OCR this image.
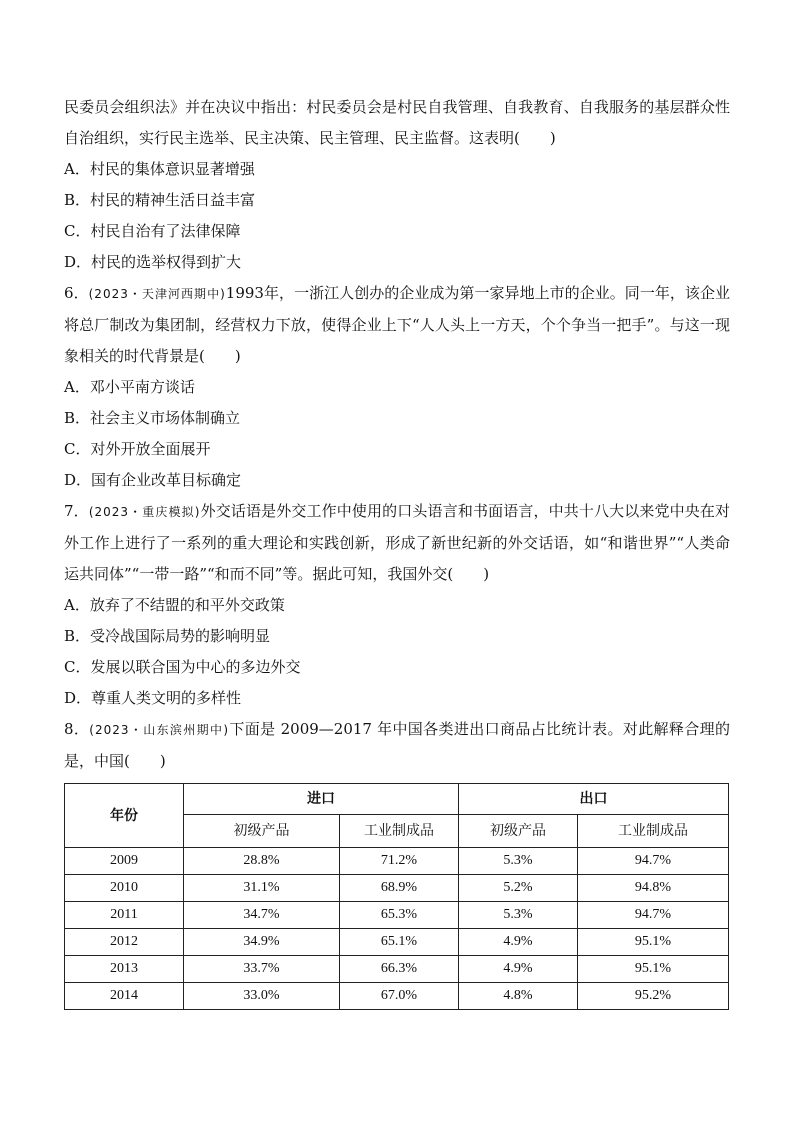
民委员会组织法》并在决议中指出：村民委员会是村民自我管理、自我教育、自我服务的基层群众性自治组织，实行民主选举、民主决策、民主管理、民主监督。这表明(　　)

A．村民的集体意识显著增强

B．村民的精神生活日益丰富

C．村民自治有了法律保障

D．村民的选举权得到扩大

6．(2023・天津河西期中)1993年，一浙江人创办的企业成为第一家异地上市的企业。同一年，该企业将总厂制改为集团制，经营权力下放，使得企业上下“人人头上一方天，个个争当一把手”。与这一现象相关的时代背景是(　　)

A．邓小平南方谈话

B．社会主义市场体制确立

C．对外开放全面展开

D．国有企业改革目标确定

7．(2023・重庆模拟)外交话语是外交工作中使用的口头语言和书面语言，中共十八大以来党中央在对外工作上进行了一系列的重大理论和实践创新，形成了新世纪新的外交话语，如“和谐世界”“人类命运共同体”“一带一路”“和而不同”等。据此可知，我国外交(　　)

A．放弃了不结盟的和平外交政策

B．受冷战国际局势的影响明显

C．发展以联合国为中心的多边外交

D．尊重人类文明的多样性

8．(2023・山东滨州期中)下面是 2009—2017 年中国各类进出口商品占比统计表。对此解释合理的是，中国(　　)

年份	进口		出口	
	初级产品	工业制成品	初级产品	工业制成品
2009	28.8%	71.2%	5.3%	94.7%
2010	31.1%	68.9%	5.2%	94.8%
2011	34.7%	65.3%	5.3%	94.7%
2012	34.9%	65.1%	4.9%	95.1%
2013	33.7%	66.3%	4.9%	95.1%
2014	33.0%	67.0%	4.8%	95.2%
